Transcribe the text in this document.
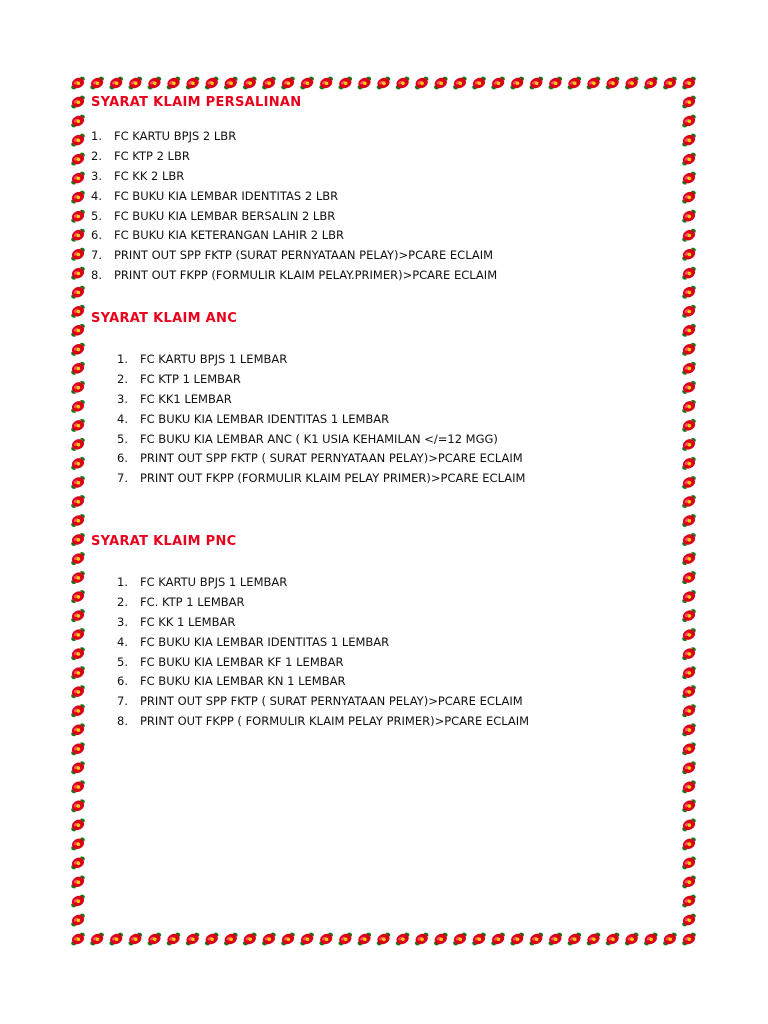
SYARAT KLAIM PERSALINAN
1.	FC KARTU BPJS 2 LBR
2.	FC KTP 2 LBR
3.	FC KK 2 LBR
4.	FC BUKU KIA LEMBAR IDENTITAS 2 LBR
5.	FC BUKU KIA LEMBAR BERSALIN 2 LBR
6.	FC BUKU KIA KETERANGAN LAHIR 2 LBR
7.	PRINT OUT SPP FKTP (SURAT PERNYATAAN PELAY)>PCARE ECLAIM
8.	PRINT OUT FKPP (FORMULIR KLAIM PELAY.PRIMER)>PCARE ECLAIM
SYARAT KLAIM ANC
1.	FC KARTU BPJS 1 LEMBAR
2.	FC KTP 1 LEMBAR
3.	FC KK1 LEMBAR
4.	FC BUKU KIA LEMBAR IDENTITAS 1 LEMBAR
5.	FC BUKU KIA LEMBAR ANC ( K1 USIA KEHAMILAN </=12 MGG)
6.	PRINT OUT SPP FKTP ( SURAT PERNYATAAN PELAY)>PCARE ECLAIM
7.	PRINT OUT FKPP (FORMULIR KLAIM PELAY PRIMER)>PCARE ECLAIM
SYARAT KLAIM PNC
1.	FC KARTU BPJS 1 LEMBAR
2.	FC. KTP 1 LEMBAR
3.	FC KK 1 LEMBAR
4.	FC BUKU KIA LEMBAR IDENTITAS 1 LEMBAR
5.	FC BUKU KIA LEMBAR KF 1 LEMBAR
6.	FC BUKU KIA LEMBAR KN 1 LEMBAR
7.	PRINT OUT SPP FKTP ( SURAT PERNYATAAN PELAY)>PCARE ECLAIM
8.	PRINT OUT FKPP ( FORMULIR KLAIM PELAY PRIMER)>PCARE ECLAIM
